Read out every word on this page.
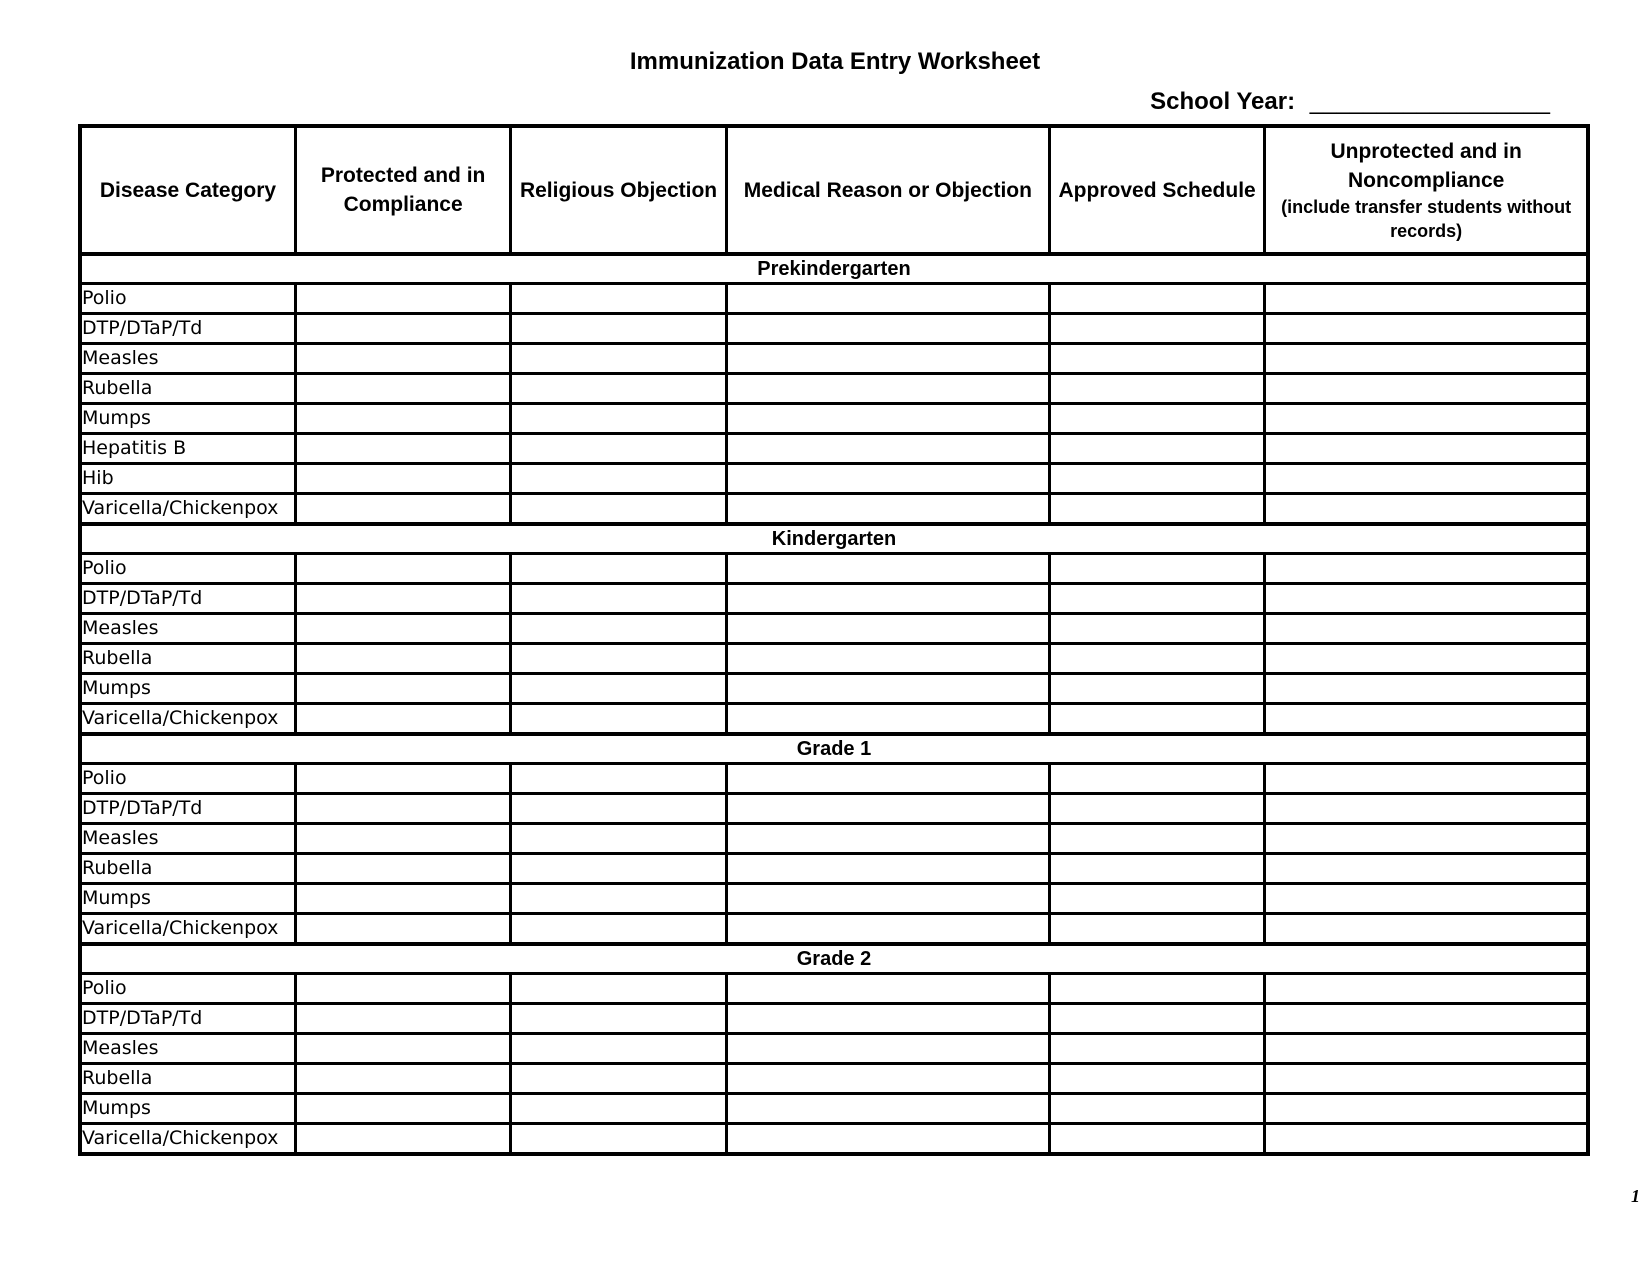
Immunization Data Entry Worksheet
School Year: __________________
Disease Category	Protected and in Compliance	Religious Objection	Medical Reason or Objection	Approved Schedule	Unprotected and in Noncompliance
(include transfer students without records)

Prekindergarten					
Polio					
DTP/DTaP/Td					
Measles					
Rubella					
Mumps					
Hepatitis B					
Hib					
Varicella/Chickenpox					
Kindergarten					
Polio					
DTP/DTaP/Td					
Measles					
Rubella					
Mumps					
Varicella/Chickenpox					
Grade 1					
Polio					
DTP/DTaP/Td					
Measles					
Rubella					
Mumps					
Varicella/Chickenpox					
Grade 2					
Polio					
DTP/DTaP/Td					
Measles					
Rubella					
Mumps					
Varicella/Chickenpox					
1
